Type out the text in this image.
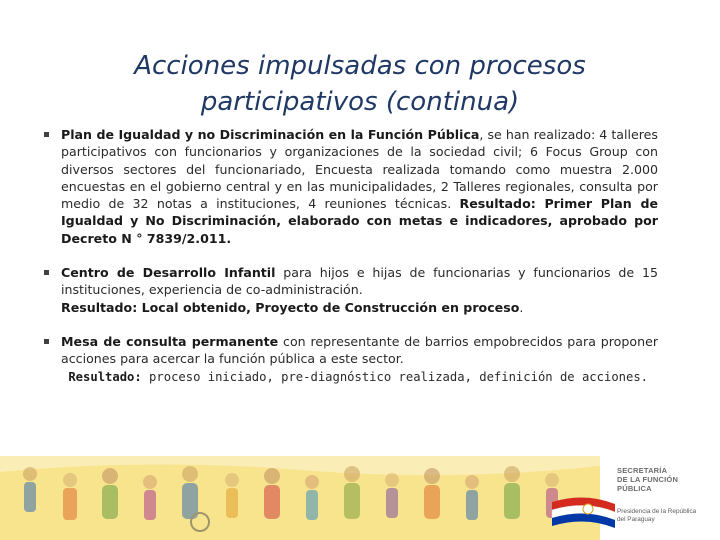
Acciones impulsadas con procesos
participativos (continua)
Plan de Igualdad y no Discriminación en la Función Pública, se han realizado: 4 talleres participativos con funcionarios y organizaciones de la sociedad civil; 6 Focus Group con diversos sectores del funcionariado, Encuesta realizada tomando como muestra 2.000 encuestas en el gobierno central y en las municipalidades, 2 Talleres regionales, consulta por medio de 32 notas a instituciones, 4 reuniones técnicas. Resultado: Primer Plan de Igualdad y No Discriminación, elaborado con metas e indicadores, aprobado por Decreto N ° 7839/2.011.
Centro de Desarrollo Infantil para hijos e hijas de funcionarias y funcionarios de 15 instituciones, experiencia de co-administración.
Resultado: Local obtenido, Proyecto de Construcción en proceso.
Mesa de consulta permanente con representante de barrios empobrecidos para proponer acciones para acercar la función pública a este sector.
Resultado: proceso iniciado, pre-diagnóstico realizada, definición de acciones.
SECRETARÍA
DE LA FUNCIÓN
PÚBLICA
Presidencia de la República
del Paraguay
